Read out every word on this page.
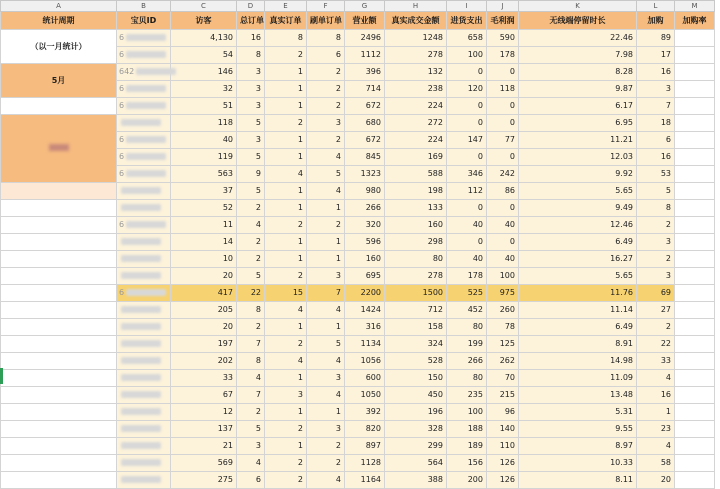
A	B	C	D	E	F	G	H	I	J	K	L	M
统计周期	宝贝ID	访客	总订单	真实订单	刷单订单	营业额	真实成交金额	进货支出	毛利润	无线端停留时长	加购	加购率
（以一月统计）	6	4,130	16	8	8	2496	1248	658	590	22.46	89	
	6	54	8	2	6	1112	278	100	178	7.98	17	
5月	642	146	3	1	2	396	132	0	0	8.28	16	
	6	32	3	1	2	714	238	120	118	9.87	3	
	6	51	3	1	2	672	224	0	0	6.17	7	
		118	5	2	3	680	272	0	0	6.95	18	
	6	40	3	1	2	672	224	147	77	11.21	6	
	6	119	5	1	4	845	169	0	0	12.03	16	
	6	563	9	4	5	1323	588	346	242	9.92	53	
		37	5	1	4	980	198	112	86	5.65	5	
		52	2	1	1	266	133	0	0	9.49	8	
	6	11	4	2	2	320	160	40	40	12.46	2	
		14	2	1	1	596	298	0	0	6.49	3	
		10	2	1	1	160	80	40	40	16.27	2	
		20	5	2	3	695	278	178	100	5.65	3	
	6	417	22	15	7	2200	1500	525	975	11.76	69	
		205	8	4	4	1424	712	452	260	11.14	27	
		20	2	1	1	316	158	80	78	6.49	2	
		197	7	2	5	1134	324	199	125	8.91	22	
		202	8	4	4	1056	528	266	262	14.98	33	
		33	4	1	3	600	150	80	70	11.09	4	
		67	7	3	4	1050	450	235	215	13.48	16	
		12	2	1	1	392	196	100	96	5.31	1	
		137	5	2	3	820	328	188	140	9.55	23	
		21	3	1	2	897	299	189	110	8.97	4	
		569	4	2	2	1128	564	156	126	10.33	58	
		275	6	2	4	1164	388	200	126	8.11	20	
